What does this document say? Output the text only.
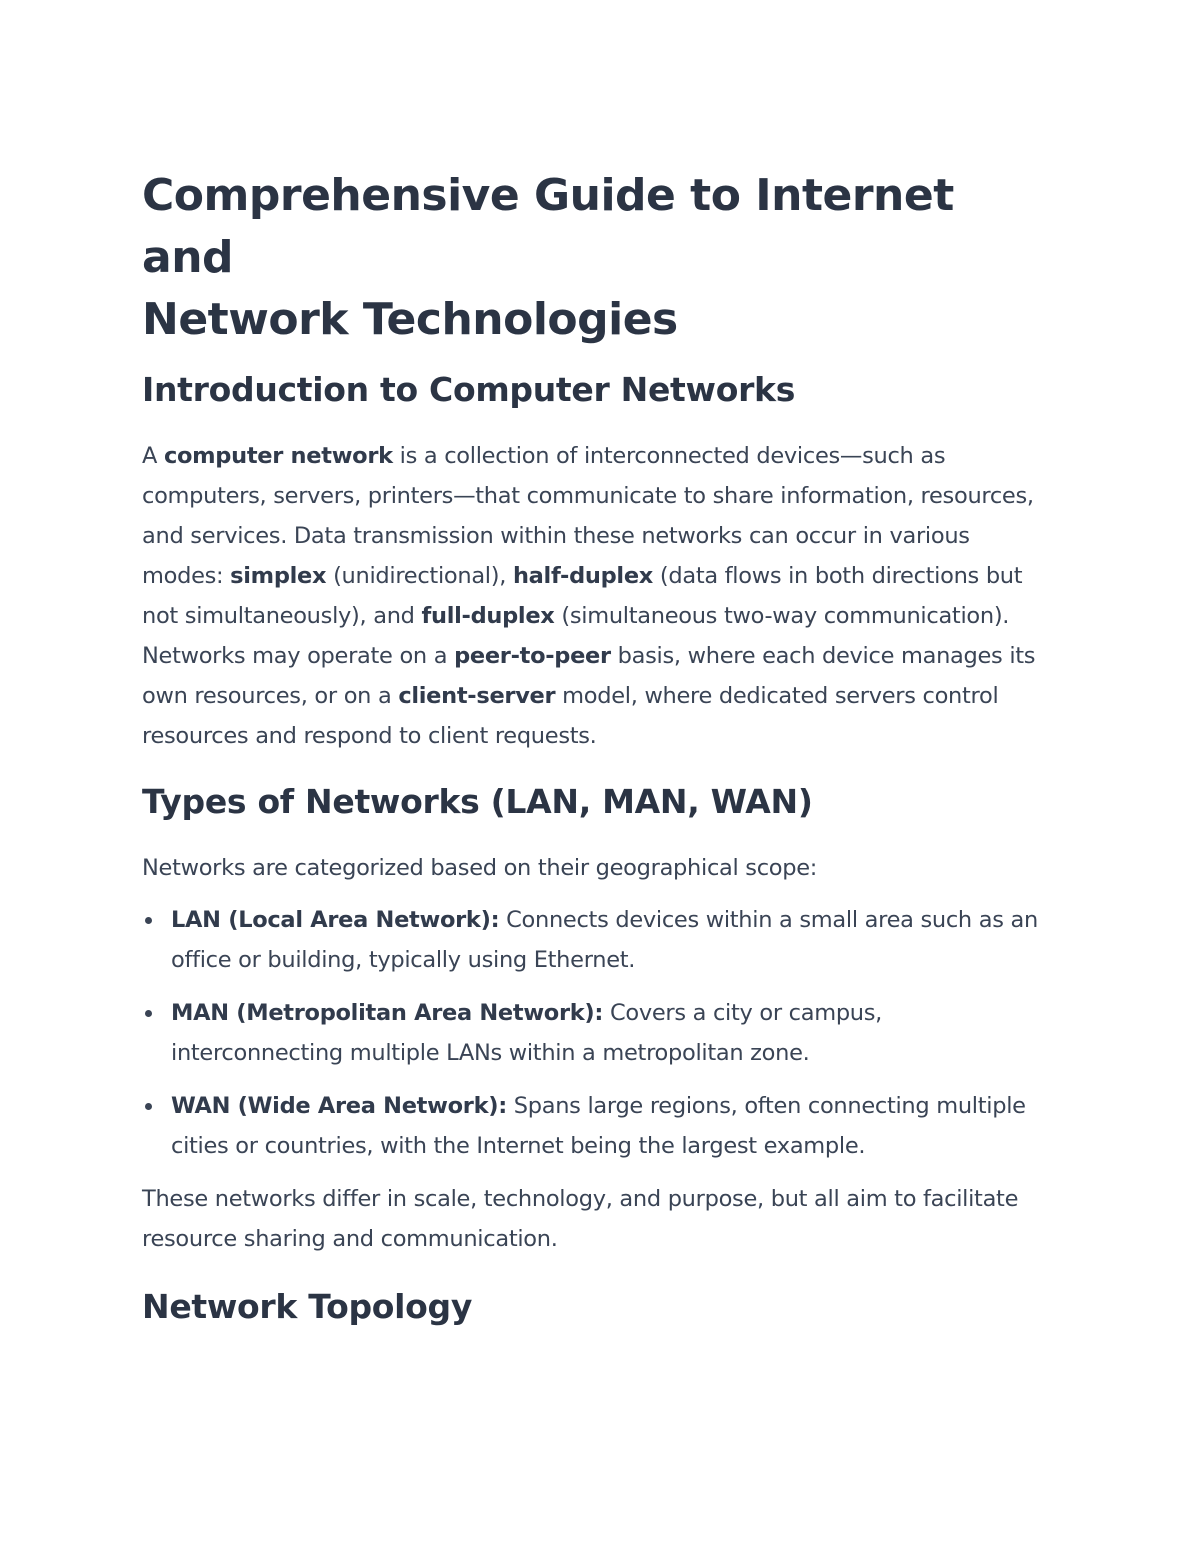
Comprehensive Guide to Internet and
Network Technologies
Introduction to Computer Networks

A computer network is a collection of interconnected devices—such as computers, servers, printers—that communicate to share information, resources, and services. Data transmission within these networks can occur in various modes: simplex (unidirectional), half-duplex (data flows in both directions but not simultaneously), and full-duplex (simultaneous two-way communication). Networks may operate on a peer-to-peer basis, where each device manages its own resources, or on a client-server model, where dedicated servers control resources and respond to client requests.

Types of Networks (LAN, MAN, WAN)

Networks are categorized based on their geographical scope:

LAN (Local Area Network): Connects devices within a small area such as an office or building, typically using Ethernet.
MAN (Metropolitan Area Network): Covers a city or campus, interconnecting multiple LANs within a metropolitan zone.
WAN (Wide Area Network): Spans large regions, often connecting multiple cities or countries, with the Internet being the largest example.

These networks differ in scale, technology, and purpose, but all aim to facilitate resource sharing and communication.

Network Topology
